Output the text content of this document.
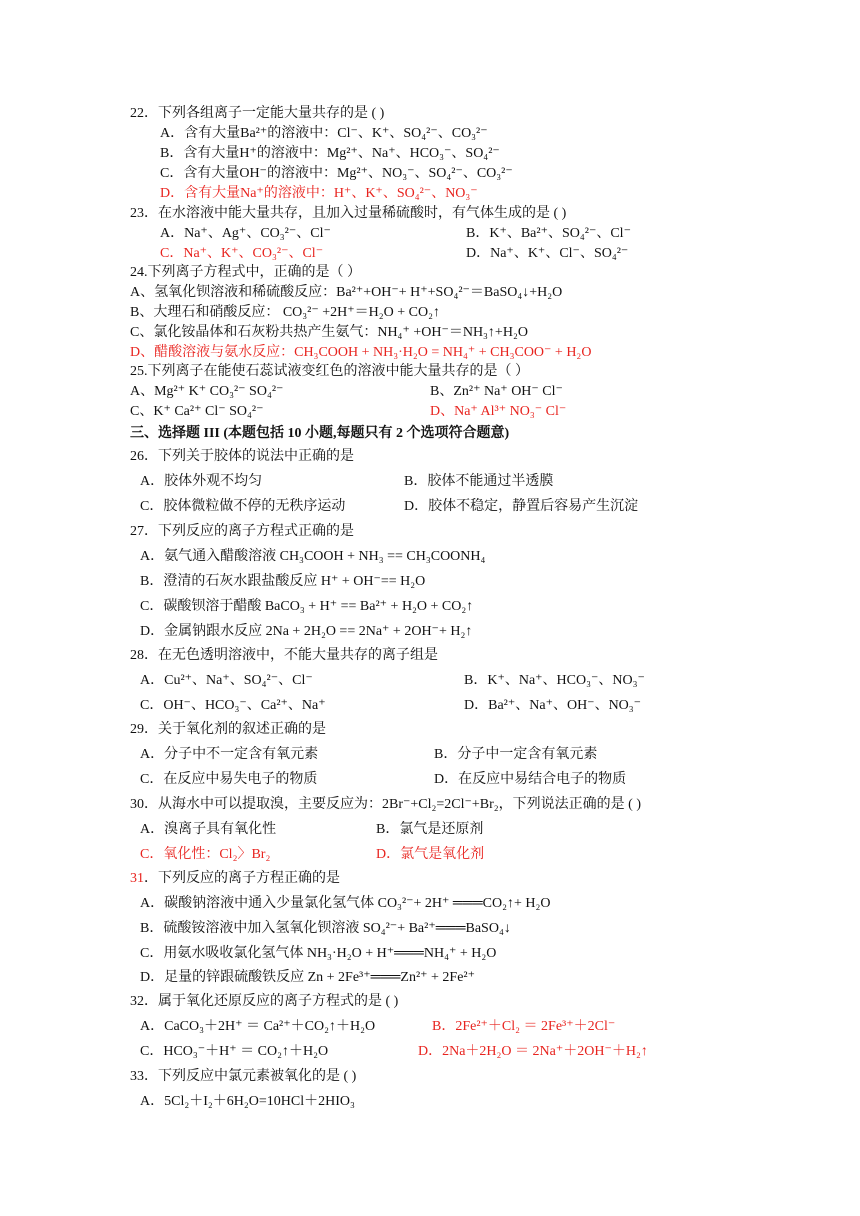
22．下列各组离子一定能大量共存的是 ( )
A．含有大量Ba²⁺的溶液中：Cl⁻、K⁺、SO₄²⁻、CO₃²⁻
B．含有大量H⁺的溶液中：Mg²⁺、Na⁺、HCO₃⁻、SO₄²⁻
C．含有大量OH⁻的溶液中：Mg²⁺、NO₃⁻、SO₄²⁻、CO₃²⁻
D．含有大量Na⁺的溶液中：H⁺、K⁺、SO₄²⁻、NO₃⁻
23．在水溶液中能大量共存，且加入过量稀硫酸时，有气体生成的是 ( )
A．Na⁺、Ag⁺、CO₃²⁻、Cl⁻	B．K⁺、Ba²⁺、SO₄²⁻、Cl⁻
C．Na⁺、K⁺、CO₃²⁻、Cl⁻	D．Na⁺、K⁺、Cl⁻、SO₄²⁻
24.下列离子方程式中，正确的是（ ）
A、氢氧化钡溶液和稀硫酸反应：Ba²⁺+OH⁻+ H⁺+SO₄²⁻＝BaSO₄↓+H₂O
B、大理石和硝酸反应： CO₃²⁻ +2H⁺＝H₂O + CO₂↑
C、氯化铵晶体和石灰粉共热产生氨气：NH₄⁺ +OH⁻＝NH₃↑+H₂O
D、醋酸溶液与氨水反应：CH₃COOH + NH₃·H₂O = NH₄⁺ + CH₃COO⁻ + H₂O
25.下列离子在能使石蕊试液变红色的溶液中能大量共存的是（ ）
A、Mg²⁺ K⁺ CO₃²⁻ SO₄²⁻	B、Zn²⁺ Na⁺ OH⁻ Cl⁻
C、K⁺ Ca²⁺ Cl⁻ SO₄²⁻	D、Na⁺ Al³⁺ NO₃⁻ Cl⁻
三、选择题 III (本题包括 10 小题,每题只有 2 个选项符合题意)
26．下列关于胶体的说法中正确的是
A．胶体外观不均匀	B．胶体不能通过半透膜
C．胶体微粒做不停的无秩序运动	D．胶体不稳定，静置后容易产生沉淀
27．下列反应的离子方程式正确的是
A．氨气通入醋酸溶液 CH₃COOH + NH₃ == CH₃COONH₄
B．澄清的石灰水跟盐酸反应 H⁺ + OH⁻== H₂O
C．碳酸钡溶于醋酸 BaCO₃ + H⁺ == Ba²⁺ + H₂O + CO₂↑
D．金属钠跟水反应 2Na + 2H₂O == 2Na⁺ + 2OH⁻+ H₂↑
28．在无色透明溶液中，不能大量共存的离子组是
A．Cu²⁺、Na⁺、SO₄²⁻、Cl⁻	B．K⁺、Na⁺、HCO₃⁻、NO₃⁻
C．OH⁻、HCO₃⁻、Ca²⁺、Na⁺	D．Ba²⁺、Na⁺、OH⁻、NO₃⁻
29．关于氧化剂的叙述正确的是
A．分子中不一定含有氧元素	B．分子中一定含有氧元素
C．在反应中易失电子的物质	D．在反应中易结合电子的物质
30．从海水中可以提取溴，主要反应为：2Br⁻+Cl₂=2Cl⁻+Br₂，下列说法正确的是 ( )
A．溴离子具有氧化性	B．氯气是还原剂
C．氧化性：Cl₂〉Br₂	D．氯气是氧化剂
31．下列反应的离子方程正确的是
A．碳酸钠溶液中通入少量氯化氢气体 CO₃²⁻+ 2H⁺ ═══CO₂↑+ H₂O
B．硫酸铵溶液中加入氢氧化钡溶液 SO₄²⁻+ Ba²⁺═══BaSO₄↓
C．用氨水吸收氯化氢气体 NH₃·H₂O + H⁺═══NH₄⁺ + H₂O
D．足量的锌跟硫酸铁反应 Zn + 2Fe³⁺═══Zn²⁺ + 2Fe²⁺
32．属于氧化还原反应的离子方程式的是 ( )
A．CaCO₃＋2H⁺ ＝ Ca²⁺＋CO₂↑＋H₂O	B．2Fe²⁺＋Cl₂ ＝ 2Fe³⁺＋2Cl⁻
C．HCO₃⁻＋H⁺ ＝ CO₂↑＋H₂O	D．2Na＋2H₂O ＝ 2Na⁺＋2OH⁻＋H₂↑
33．下列反应中氯元素被氧化的是 ( )
A．5Cl₂＋I₂＋6H₂O=10HCl＋2HIO₃
